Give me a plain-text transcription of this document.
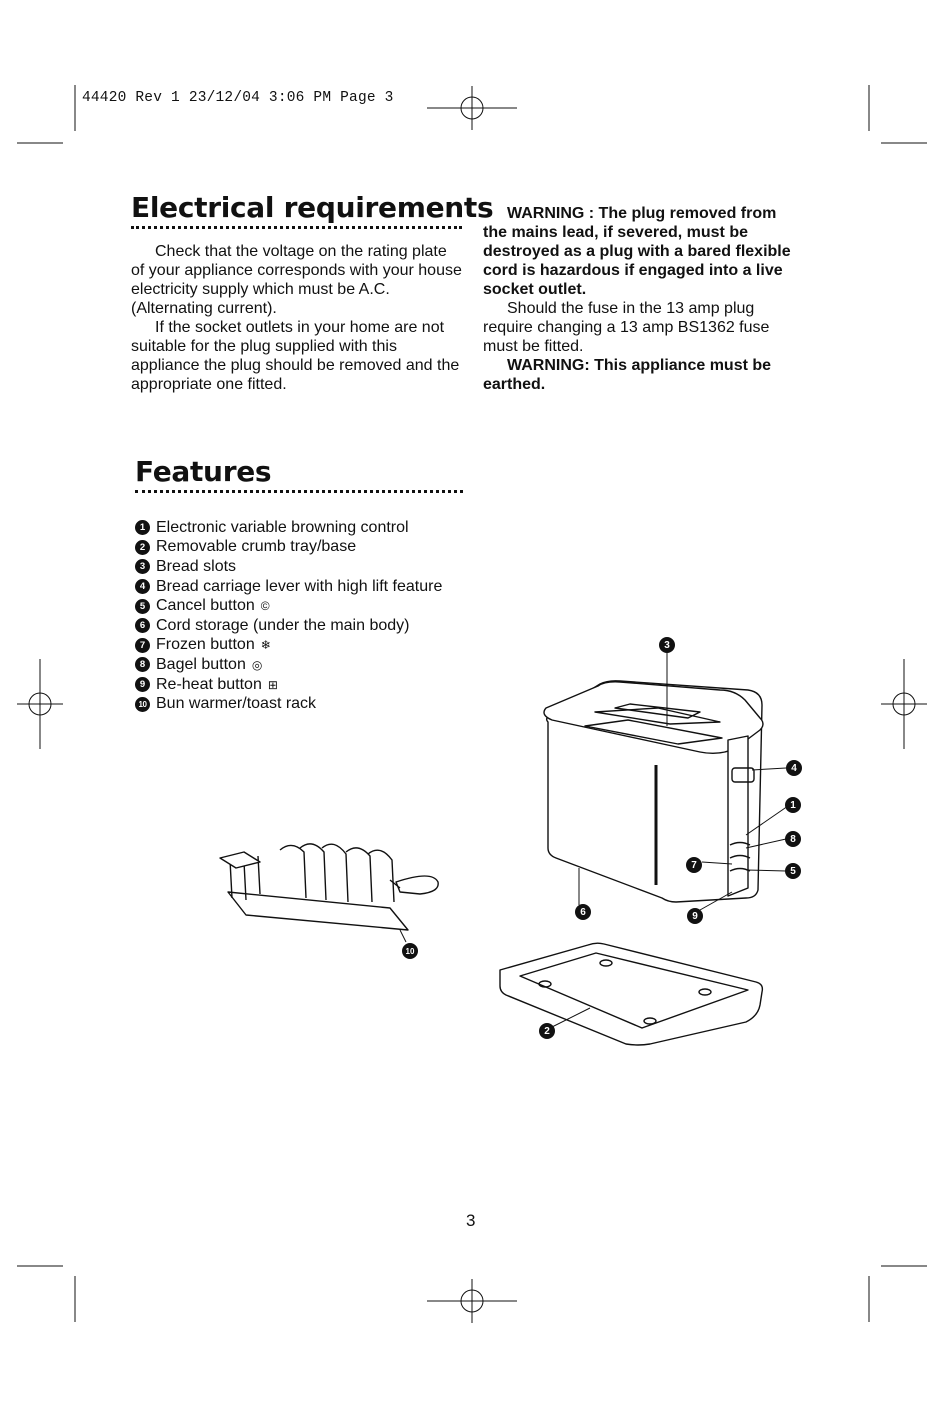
44420 Rev 1 23/12/04 3:06 PM Page 3
Electrical requirements

Check that the voltage on the rating plate of your appliance corresponds with your house electricity supply which must be A.C. (Alternating current).

If the socket outlets in your home are not suitable for the plug supplied with this appliance the plug should be removed and the appropriate one fitted.

WARNING : The plug removed from the mains lead, if severed, must be destroyed as a plug with a bared flexible cord is hazardous if engaged into a live socket outlet.

Should the fuse in the 13 amp plug require changing a 13 amp BS1362 fuse must be fitted.

WARNING: This appliance must be earthed.

Features
1 Electronic variable browning control
2 Removable crumb tray/base
3 Bread slots
4 Bread carriage lever with high lift feature
5 Cancel button ©
6 Cord storage (under the main body)
7 Frozen button ❄
8 Bagel button ◎
9 Re-heat button ⊞
10 Bun warmer/toast rack
3
4
1
8
7
5
6	9
2
10
3
